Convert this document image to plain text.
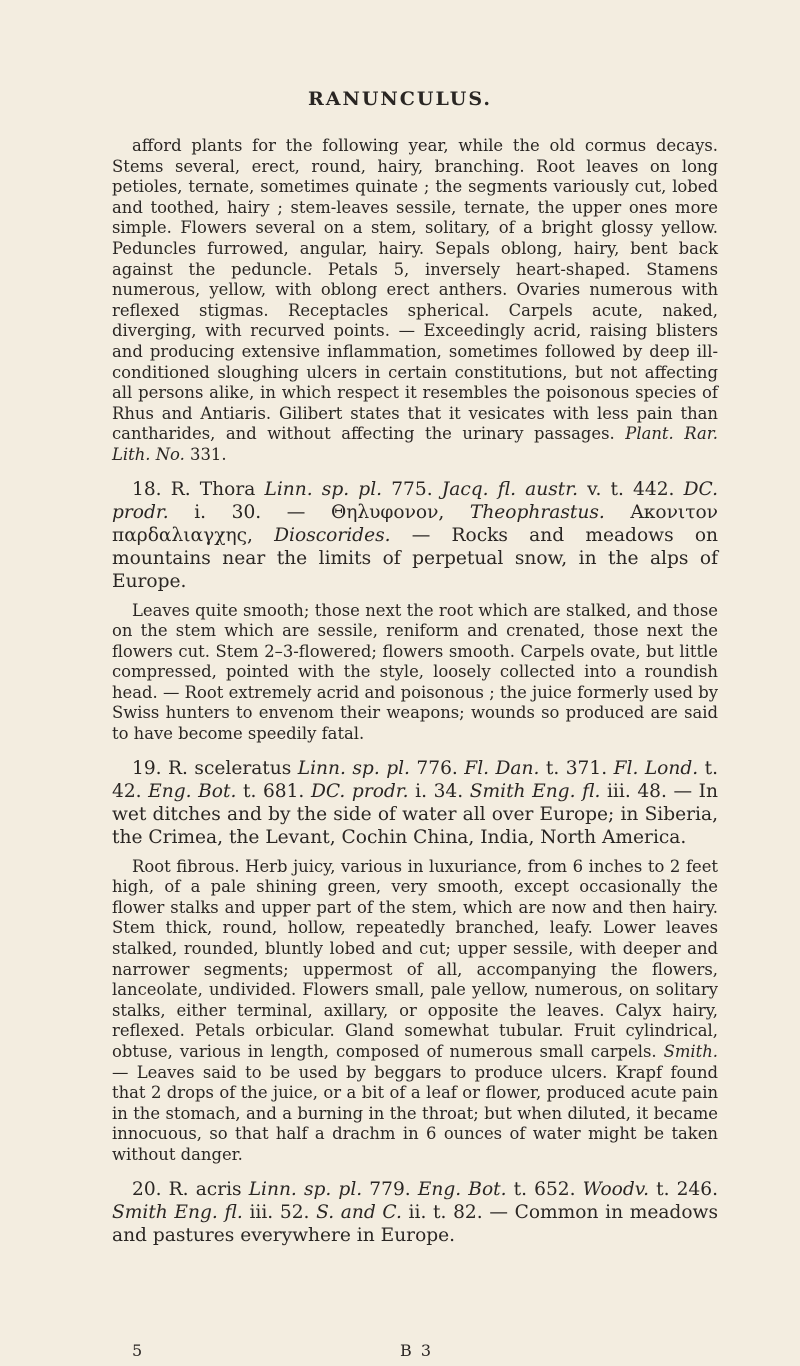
RANUNCULUS.

afford plants for the following year, while the old cormus decays. Stems several, erect, round, hairy, branching. Root leaves on long petioles, ternate, sometimes quinate ; the segments variously cut, lobed and toothed, hairy ; stem-leaves sessile, ternate, the upper ones more simple. Flowers several on a stem, solitary, of a bright glossy yellow. Peduncles furrowed, angular, hairy. Sepals oblong, hairy, bent back against the peduncle. Petals 5, inversely heart-shaped. Stamens numerous, yellow, with oblong erect anthers. Ovaries numerous with reflexed stigmas. Receptacles spherical. Carpels acute, naked, diverging, with recurved points. — Exceedingly acrid, raising blisters and producing extensive inflammation, sometimes followed by deep ill-conditioned sloughing ulcers in certain constitutions, but not affecting all persons alike, in which respect it resembles the poisonous species of Rhus and Antiaris. Gilibert states that it vesicates with less pain than cantharides, and without affecting the urinary passages. Plant. Rar. Lith. No. 331.

18. R. Thora Linn. sp. pl. 775. Jacq. fl. austr. v. t. 442. DC. prodr. i. 30. — Θηλυφονον, Theophrastus. Ακονιτον παρδαλιαγχης, Dioscorides. — Rocks and meadows on mountains near the limits of perpetual snow, in the alps of Europe.

Leaves quite smooth; those next the root which are stalked, and those on the stem which are sessile, reniform and crenated, those next the flowers cut. Stem 2–3-flowered; flowers smooth. Carpels ovate, but little compressed, pointed with the style, loosely collected into a roundish head. — Root extremely acrid and poisonous ; the juice formerly used by Swiss hunters to envenom their weapons; wounds so produced are said to have become speedily fatal.

19. R. sceleratus Linn. sp. pl. 776. Fl. Dan. t. 371. Fl. Lond. t. 42. Eng. Bot. t. 681. DC. prodr. i. 34. Smith Eng. fl. iii. 48. — In wet ditches and by the side of water all over Europe; in Siberia, the Crimea, the Levant, Cochin China, India, North America.

Root fibrous. Herb juicy, various in luxuriance, from 6 inches to 2 feet high, of a pale shining green, very smooth, except occasionally the flower stalks and upper part of the stem, which are now and then hairy. Stem thick, round, hollow, repeatedly branched, leafy. Lower leaves stalked, rounded, bluntly lobed and cut; upper sessile, with deeper and narrower segments; uppermost of all, accompanying the flowers, lanceolate, undivided. Flowers small, pale yellow, numerous, on solitary stalks, either terminal, axillary, or opposite the leaves. Calyx hairy, reflexed. Petals orbicular. Gland somewhat tubular. Fruit cylindrical, obtuse, various in length, composed of numerous small carpels. Smith. — Leaves said to be used by beggars to produce ulcers. Krapf found that 2 drops of the juice, or a bit of a leaf or flower, produced acute pain in the stomach, and a burning in the throat; but when diluted, it became innocuous, so that half a drachm in 6 ounces of water might be taken without danger.

20. R. acris Linn. sp. pl. 779. Eng. Bot. t. 652. Woodv. t. 246. Smith Eng. fl. iii. 52. S. and C. ii. t. 82. — Common in meadows and pastures everywhere in Europe.

5	B 3
